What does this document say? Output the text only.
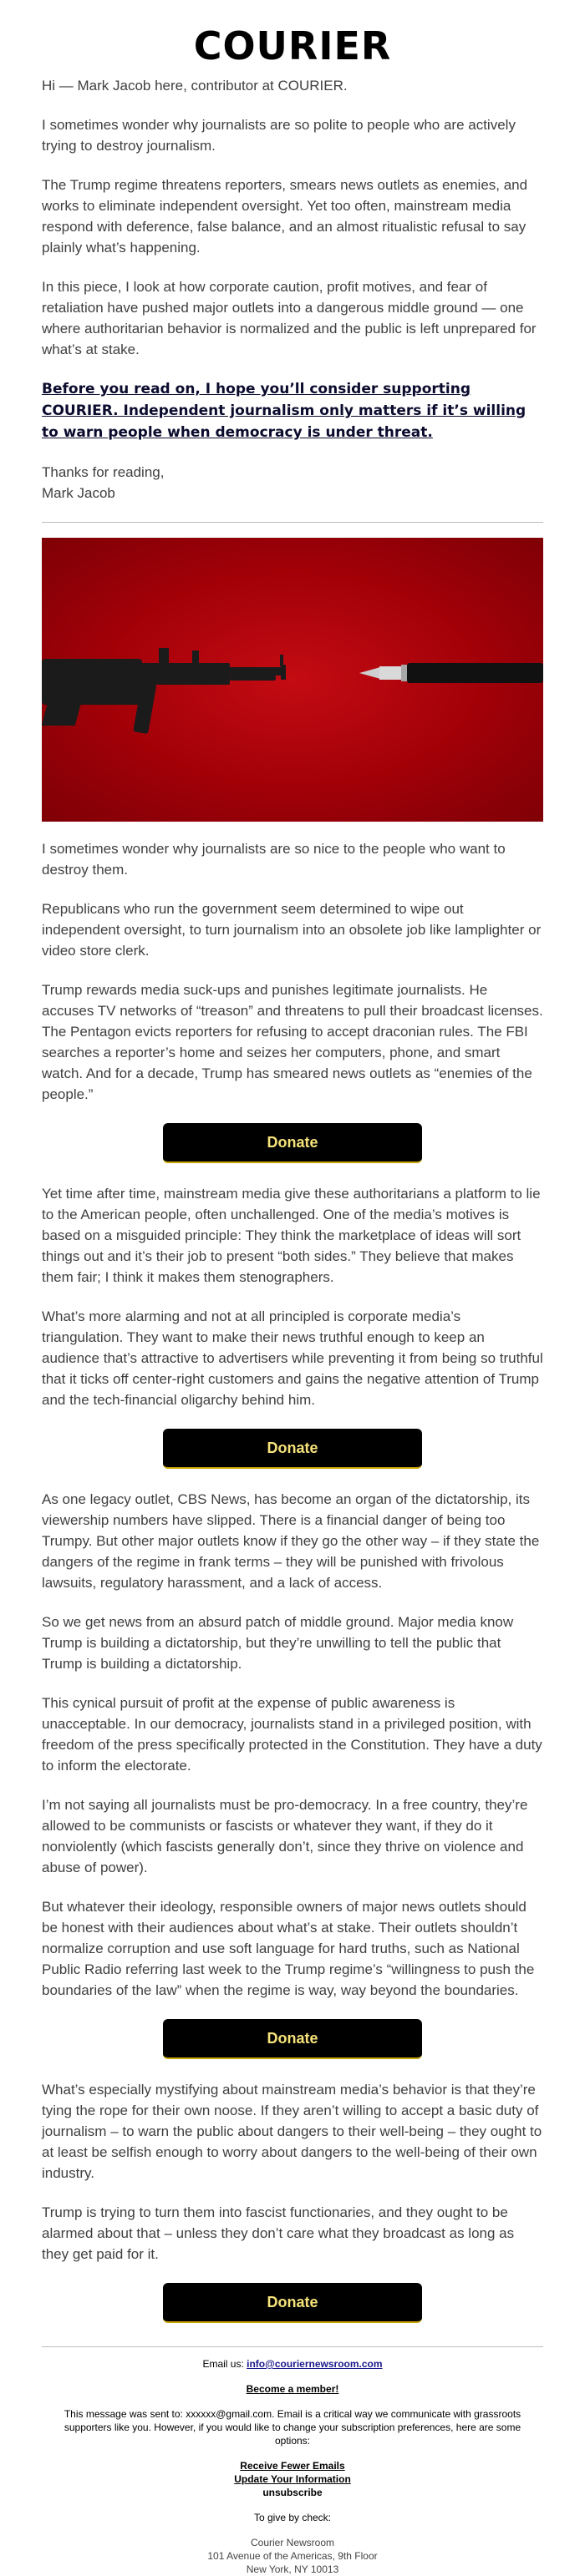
COURIER

Hi — Mark Jacob here, contributor at COURIER.

I sometimes wonder why journalists are so polite to people who are actively trying to destroy journalism.

The Trump regime threatens reporters, smears news outlets as enemies, and works to eliminate independent oversight. Yet too often, mainstream media respond with deference, false balance, and an almost ritualistic refusal to say plainly what’s happening.

In this piece, I look at how corporate caution, profit motives, and fear of retaliation have pushed major outlets into a dangerous middle ground — one where authoritarian behavior is normalized and the public is left unprepared for what’s at stake.

Before you read on, I hope you’ll consider supporting COURIER. Independent journalism only matters if it’s willing to warn people when democracy is under threat.

Thanks for reading,
Mark Jacob

I sometimes wonder why journalists are so nice to the people who want to destroy them.

Republicans who run the government seem determined to wipe out independent oversight, to turn journalism into an obsolete job like lamplighter or video store clerk.

Trump rewards media suck-ups and punishes legitimate journalists. He accuses TV networks of “treason” and threatens to pull their broadcast licenses. The Pentagon evicts reporters for refusing to accept draconian rules. The FBI searches a reporter’s home and seizes her computers, phone, and smart watch. And for a decade, Trump has smeared news outlets as “enemies of the people.”

Donate

Yet time after time, mainstream media give these authoritarians a platform to lie to the American people, often unchallenged. One of the media’s motives is based on a misguided principle: They think the marketplace of ideas will sort things out and it’s their job to present “both sides.” They believe that makes them fair; I think it makes them stenographers.

What’s more alarming and not at all principled is corporate media’s triangulation. They want to make their news truthful enough to keep an audience that’s attractive to advertisers while preventing it from being so truthful that it ticks off center-right customers and gains the negative attention of Trump and the tech-financial oligarchy behind him.

Donate

As one legacy outlet, CBS News, has become an organ of the dictatorship, its viewership numbers have slipped. There is a financial danger of being too Trumpy. But other major outlets know if they go the other way – if they state the dangers of the regime in frank terms – they will be punished with frivolous lawsuits, regulatory harassment, and a lack of access.

So we get news from an absurd patch of middle ground. Major media know Trump is building a dictatorship, but they’re unwilling to tell the public that Trump is building a dictatorship.

This cynical pursuit of profit at the expense of public awareness is unacceptable. In our democracy, journalists stand in a privileged position, with freedom of the press specifically protected in the Constitution. They have a duty to inform the electorate.

I’m not saying all journalists must be pro-democracy. In a free country, they’re allowed to be communists or fascists or whatever they want, if they do it nonviolently (which fascists generally don’t, since they thrive on violence and abuse of power).

But whatever their ideology, responsible owners of major news outlets should be honest with their audiences about what’s at stake. Their outlets shouldn’t normalize corruption and use soft language for hard truths, such as National Public Radio referring last week to the Trump regime’s “willingness to push the boundaries of the law” when the regime is way, way beyond the boundaries.

Donate

What’s especially mystifying about mainstream media’s behavior is that they’re tying the rope for their own noose. If they aren’t willing to accept a basic duty of journalism – to warn the public about dangers to their well-being – they ought to at least be selfish enough to worry about dangers to the well-being of their own industry.

Trump is trying to turn them into fascist functionaries, and they ought to be alarmed about that – unless they don’t care what they broadcast as long as they get paid for it.

Donate
Email us: info@couriernewsroom.com
Become a member!
This message was sent to: xxxxxx@gmail.com. Email is a critical way we communicate with grassroots supporters like you. However, if you would like to change your subscription preferences, here are some options:
Receive Fewer Emails
Update Your Information
unsubscribe
To give by check:
Courier Newsroom
101 Avenue of the Americas, 9th Floor
New York, NY 10013
